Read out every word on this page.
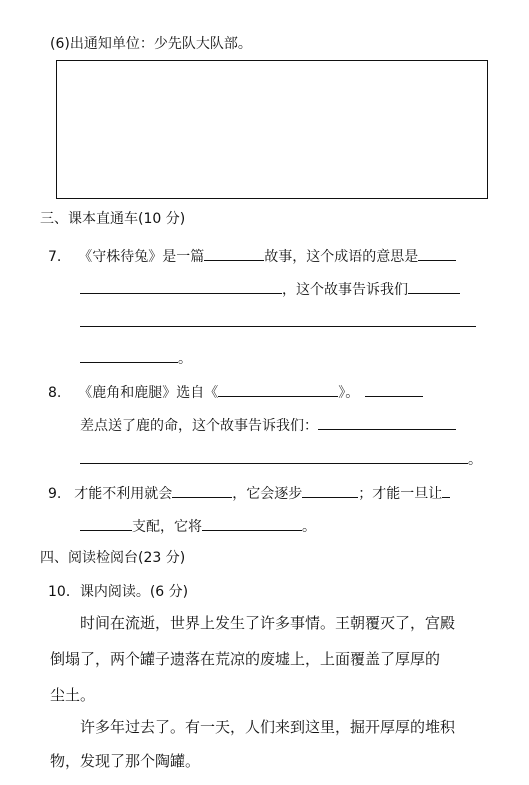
(6)出通知单位：少先队大队部。
三、课本直通车(10 分)
7. 《守株待兔》是一篇	故事，这个成语的意思是
，这个故事告诉我们
。
8. 《鹿角和鹿腿》选自《	》。
差点送了鹿的命，这个故事告诉我们：
。
9. 才能不利用就会	，它会逐步	；才能一旦让
支配，它将	。
四、阅读检阅台(23 分)
10．课内阅读。(6 分)
时间在流逝，世界上发生了许多事情。王朝覆灭了，宫殿
倒塌了，两个罐子遗落在荒凉的废墟上，上面覆盖了厚厚的
尘土。
许多年过去了。有一天，人们来到这里，掘开厚厚的堆积
物，发现了那个陶罐。
